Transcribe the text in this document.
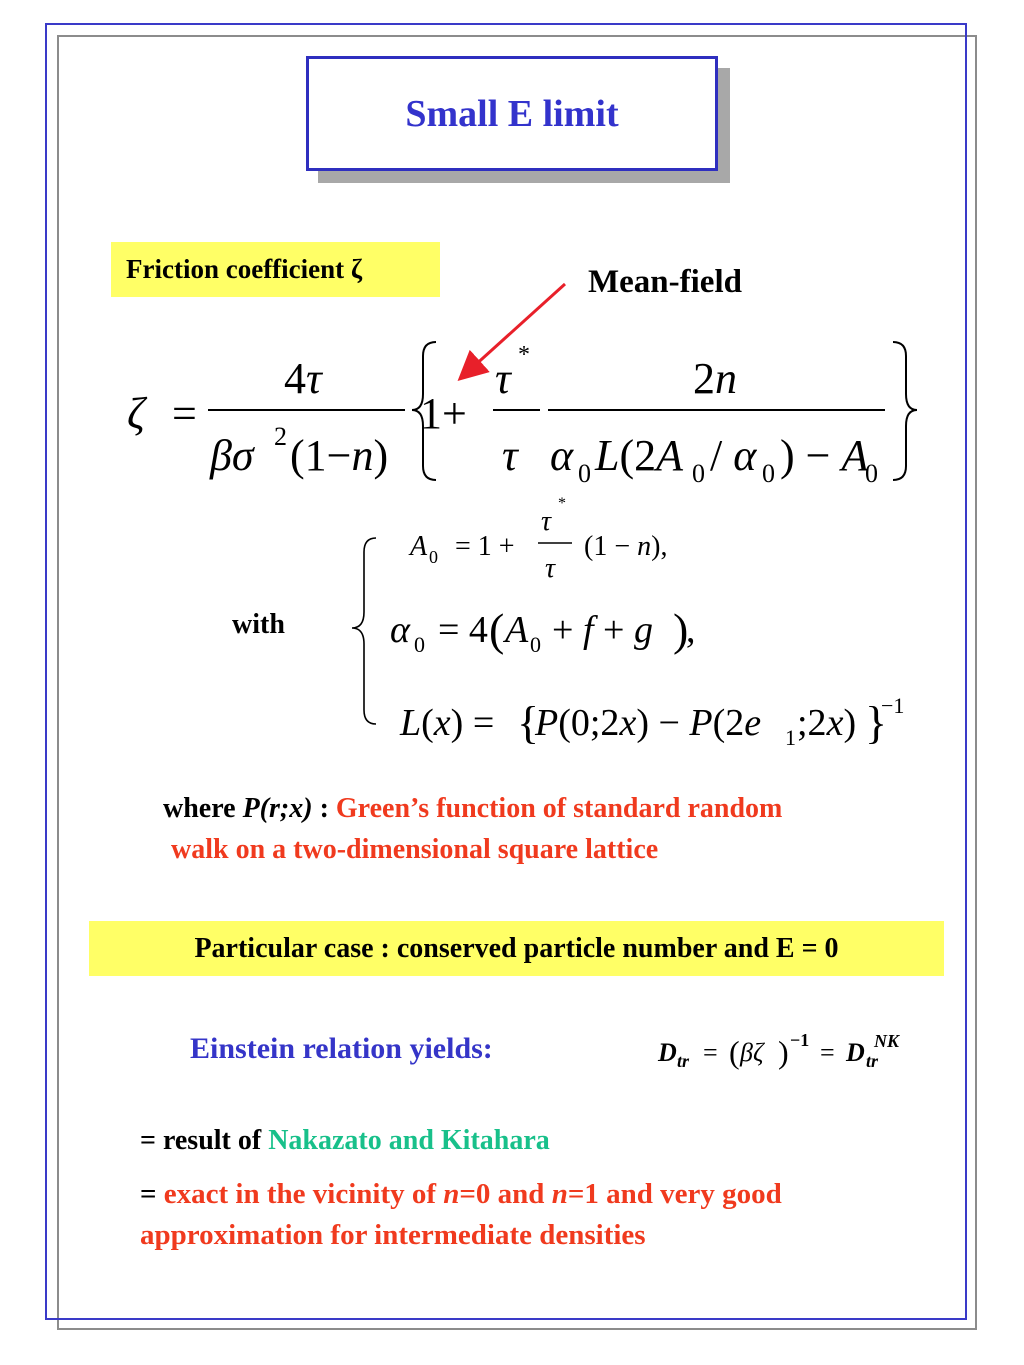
Small E limit
Friction coefficient ζ	Mean-field
ζ =
4τ
βσ 2 (1−n)
1+
τ *
τ
2n
α 0 L(2A 0 / α 0 ) − A
0
A 0 = 1 +
τ
*
τ
(1 − n),
α 0 = 4 ( A 0 + f + g )
,
L(x) = {
P(0;2x) − P(2e 1 ;2x) }
−1
D tr = ( βζ ) −1 = D tr
NK
with
where P(r;x) : Green’s function of standard random
walk on a two-dimensional square lattice
Particular case : conserved particle number and E = 0
Einstein relation yields:
= result of Nakazato and Kitahara
= exact in the vicinity of n=0 and n=1 and very good
approximation for intermediate densities
